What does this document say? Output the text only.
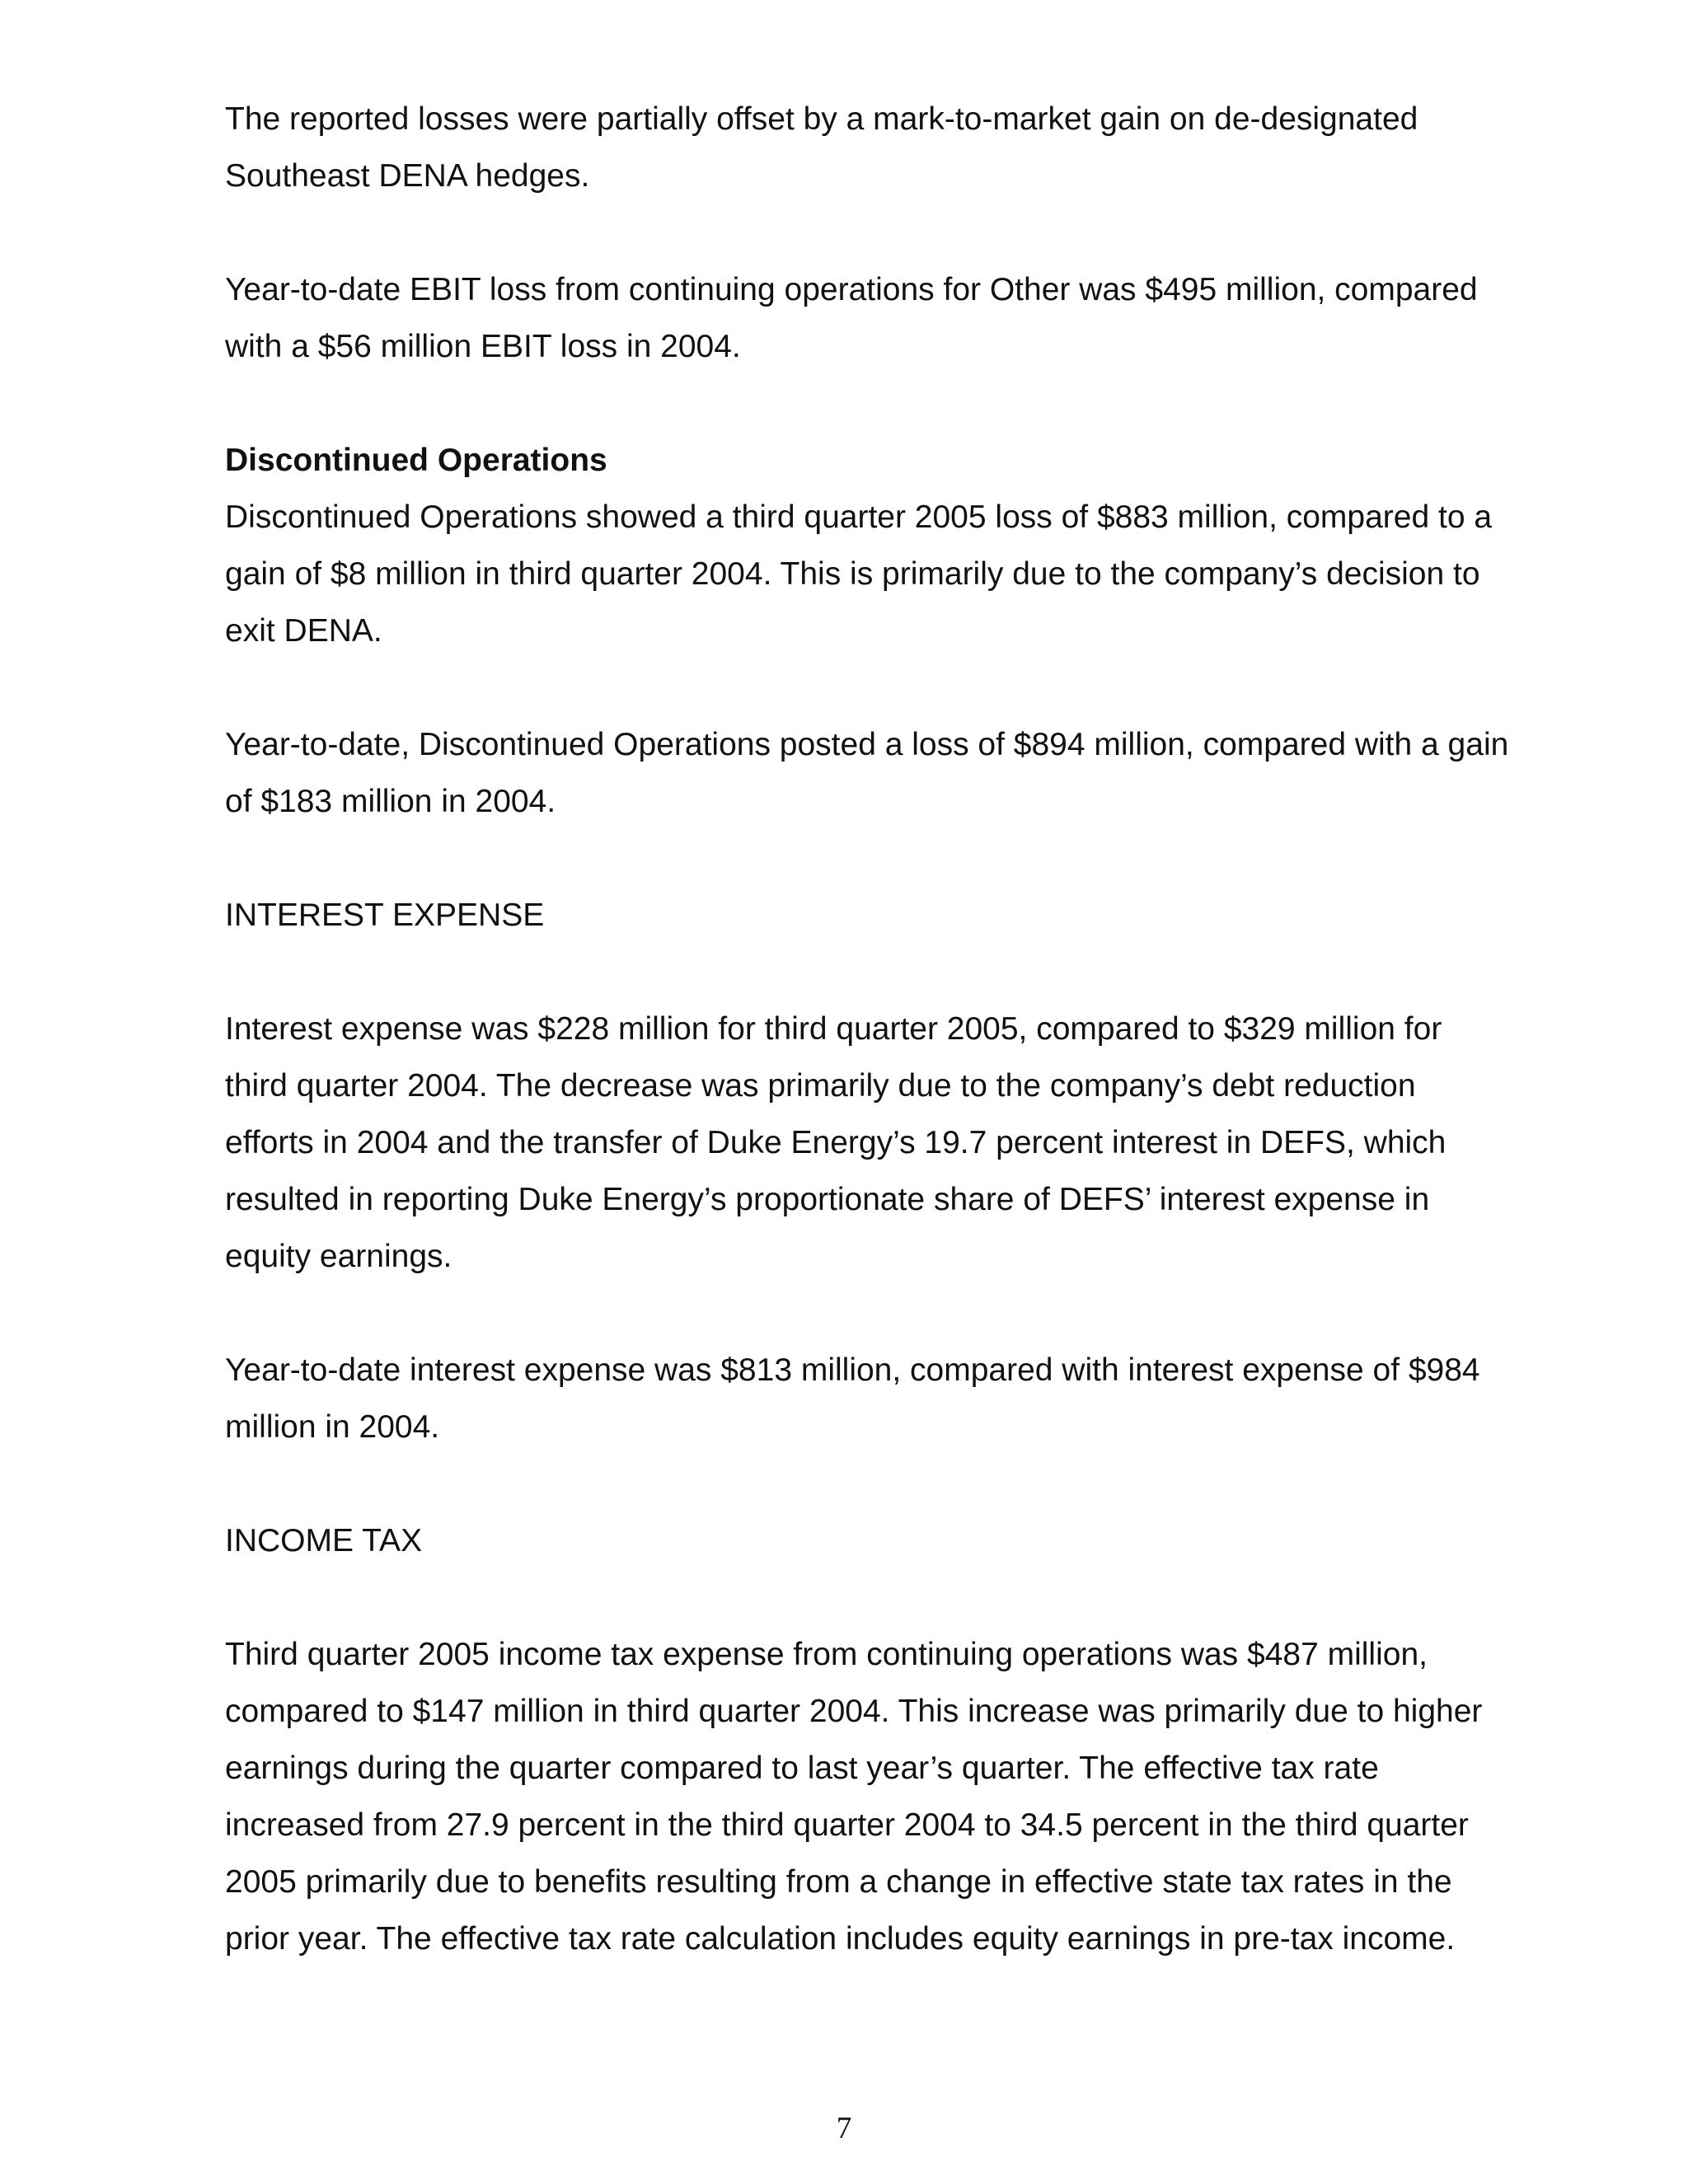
The reported losses were partially offset by a mark-to-market gain on de-designated Southeast DENA hedges.

Year-to-date EBIT loss from continuing operations for Other was $495 million, compared with a $56 million EBIT loss in 2004.

Discontinued Operations

Discontinued Operations showed a third quarter 2005 loss of $883 million, compared to a gain of $8 million in third quarter 2004. This is primarily due to the company’s decision to exit DENA.

Year-to-date, Discontinued Operations posted a loss of $894 million, compared with a gain of $183 million in 2004.

INTEREST EXPENSE

Interest expense was $228 million for third quarter 2005, compared to $329 million for third quarter 2004. The decrease was primarily due to the company’s debt reduction efforts in 2004 and the transfer of Duke Energy’s 19.7 percent interest in DEFS, which resulted in reporting Duke Energy’s proportionate share of DEFS’ interest expense in equity earnings.

Year-to-date interest expense was $813 million, compared with interest expense of $984 million in 2004.

INCOME TAX

Third quarter 2005 income tax expense from continuing operations was $487 million, compared to $147 million in third quarter 2004. This increase was primarily due to higher earnings during the quarter compared to last year’s quarter. The effective tax rate increased from 27.9 percent in the third quarter 2004 to 34.5 percent in the third quarter 2005 primarily due to benefits resulting from a change in effective state tax rates in the prior year. The effective tax rate calculation includes equity earnings in pre-tax income.

7
